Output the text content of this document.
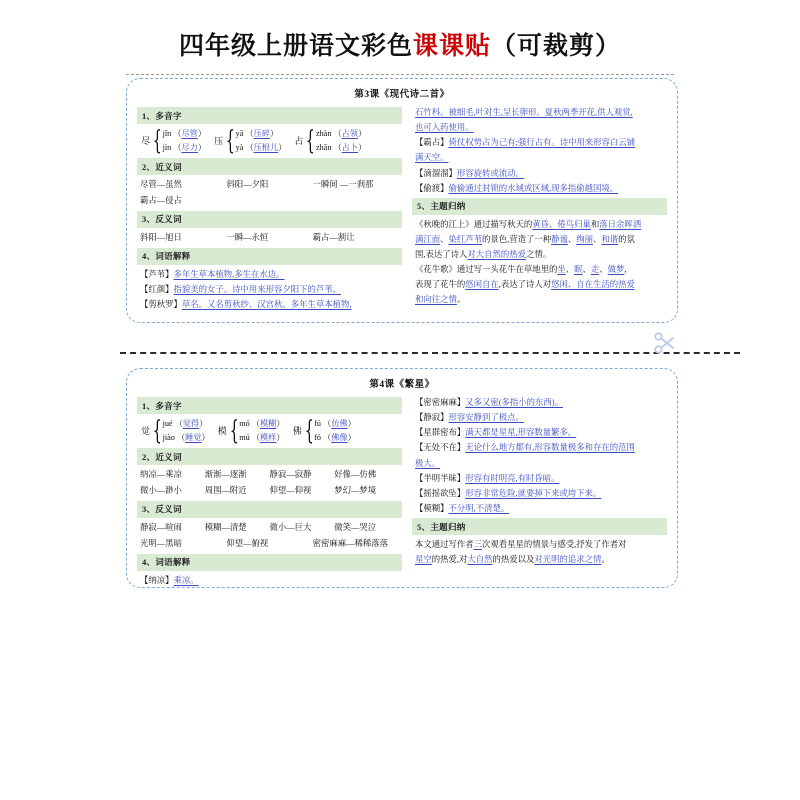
四年级上册语文彩色课课贴（可裁剪）
第3课《现代诗二首》
1、多音字
尽 { jǐn （尽管）
jìn （尽力）
压 { yā （压碎）
yà （压根儿）
占 { zhàn （占领）
zhān （占卜）
2、近义词
尽管—虽然	斜阳—夕阳	一瞬间 —一刹那
霸占—侵占
3、反义词
斜阳—旭日	一瞬—永恒	霸占—割让
4、词语解释
【芦苇】多年生草本植物,多生在水边。
【红颜】指貌美的女子。诗中用来形容夕阳下的芦苇。
【剪秋罗】草名。又名剪秋纱、汉宫秋。多年生草本植物,
石竹科。被细毛,叶对生,呈长卵形。夏秋两季开花,供人观赏,
也可入药使用。
【霸占】倚仗权势占为己有;强行占有。诗中用来形容白云铺
满天空。
【滴溜溜】形容旋转或流动。
【偷渡】偷偷通过封锁的水域或区域,现多指偷越国境。
5、主题归纳
《秋晚的江上》通过描写秋天的黄昏、倦鸟归巢和落日余晖洒
满江面、染红芦苇的景色,营造了一种静谧、绚丽、和谐的氛
围,表达了诗人对大自然的热爱之情。
《花牛歌》通过写一头花牛在草地里的坐、眠、走、做梦,
表现了花牛的悠闲自在,表达了诗人对悠闲、自在生活的热爱
和向往之情。
第4课《繁星》
1、多音字
觉 { jué （觉得）
jiào （睡觉）
模 { mó （模糊）
mú （模样）
佛 { fú （仿佛）
fó （佛像）
2、近义词
纳凉—乘凉	渐渐—逐渐	静寂—寂静	好像—仿佛
微小—渺小	周围—附近	仰望—仰视	梦幻—梦境
3、反义词
静寂—喧闹	模糊—清楚	微小—巨大	微笑—哭泣
光明—黑暗	仰望—俯视	密密麻麻—稀稀落落
4、词语解释
【纳凉】乘凉。
【密密麻麻】又多又密(多指小的东西)。
【静寂】形容安静到了极点。
【星群密布】满天都是星星,形容数量繁多。
【无处不在】无论什么地方都有,形容数量极多和存在的范围
极大。
【半明半昧】形容有时明亮,有时昏暗。
【摇摇欲坠】形容非常危险,就要掉下来或垮下来。
【模糊】不分明,不清楚。
5、主题归纳
本文通过写作者三次观看星星的情景与感受,抒发了作者对
星空的热爱,对大自然的热爱以及对光明的追求之情。
